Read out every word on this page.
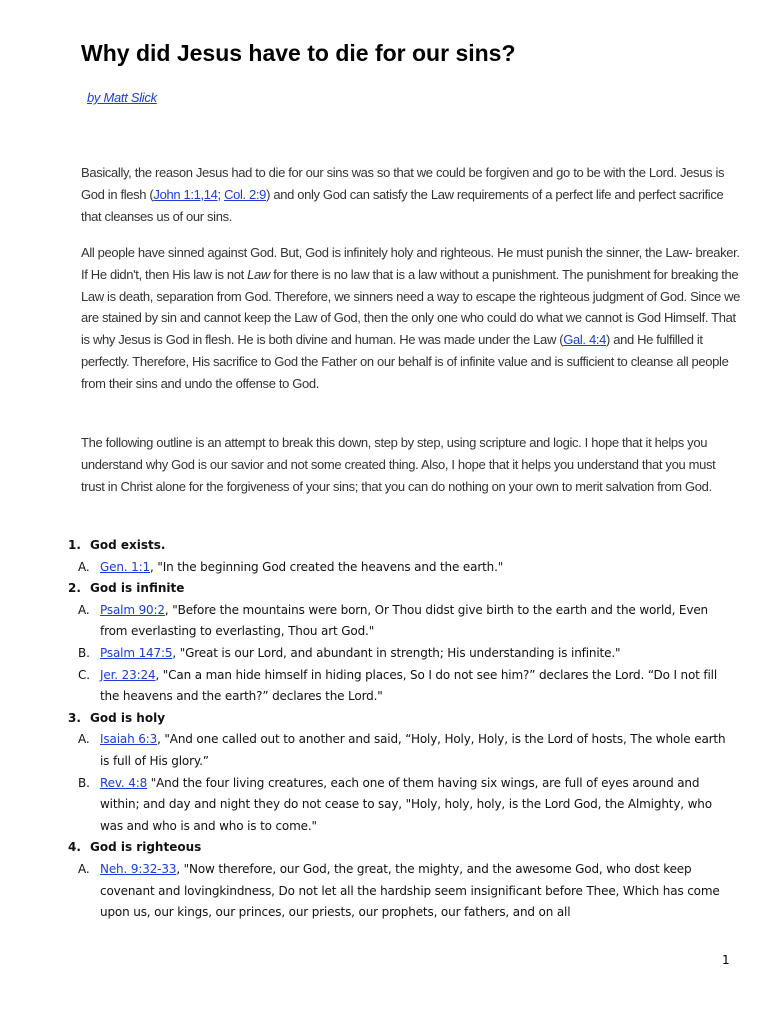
Why did Jesus have to die for our sins?
by Matt Slick

Basically, the reason Jesus had to die for our sins was so that we could be forgiven and go to be with the Lord. Jesus is God in flesh (John 1:1,14; Col. 2:9) and only God can satisfy the Law requirements of a perfect life and perfect sacrifice that cleanses us of our sins.

All people have sinned against God. But, God is infinitely holy and righteous. He must punish the sinner, the Law- breaker. If He didn't, then His law is not Law for there is no law that is a law without a punishment. The punishment for breaking the Law is death, separation from God. Therefore, we sinners need a way to escape the righteous judgment of God. Since we are stained by sin and cannot keep the Law of God, then the only one who could do what we cannot is God Himself. That is why Jesus is God in flesh. He is both divine and human. He was made under the Law (Gal. 4:4) and He fulfilled it perfectly. Therefore, His sacrifice to God the Father on our behalf is of infinite value and is sufficient to cleanse all people from their sins and undo the offense to God.

The following outline is an attempt to break this down, step by step, using scripture and logic. I hope that it helps you understand why God is our savior and not some created thing. Also, I hope that it helps you understand that you must trust in Christ alone for the forgiveness of your sins; that you can do nothing on your own to merit salvation from God.

1. God exists.
A. Gen. 1:1, "In the beginning God created the heavens and the earth."
2. God is infinite
A. Psalm 90:2, "Before the mountains were born, Or Thou didst give birth to the earth and the world, Even from everlasting to everlasting, Thou art God."
B. Psalm 147:5, "Great is our Lord, and abundant in strength; His understanding is infinite."
C. Jer. 23:24, "Can a man hide himself in hiding places, So I do not see him?” declares the Lord. “Do I not fill the heavens and the earth?” declares the Lord."
3. God is holy
A. Isaiah 6:3, "And one called out to another and said, “Holy, Holy, Holy, is the Lord of hosts, The whole earth is full of His glory.”
B. Rev. 4:8 "And the four living creatures, each one of them having six wings, are full of eyes around and within; and day and night they do not cease to say, "Holy, holy, holy, is the Lord God, the Almighty, who was and who is and who is to come."
4. God is righteous
A. Neh. 9:32-33, "Now therefore, our God, the great, the mighty, and the awesome God, who dost keep covenant and lovingkindness, Do not let all the hardship seem insignificant before Thee, Which has come upon us, our kings, our princes, our priests, our prophets, our fathers, and on all
1
